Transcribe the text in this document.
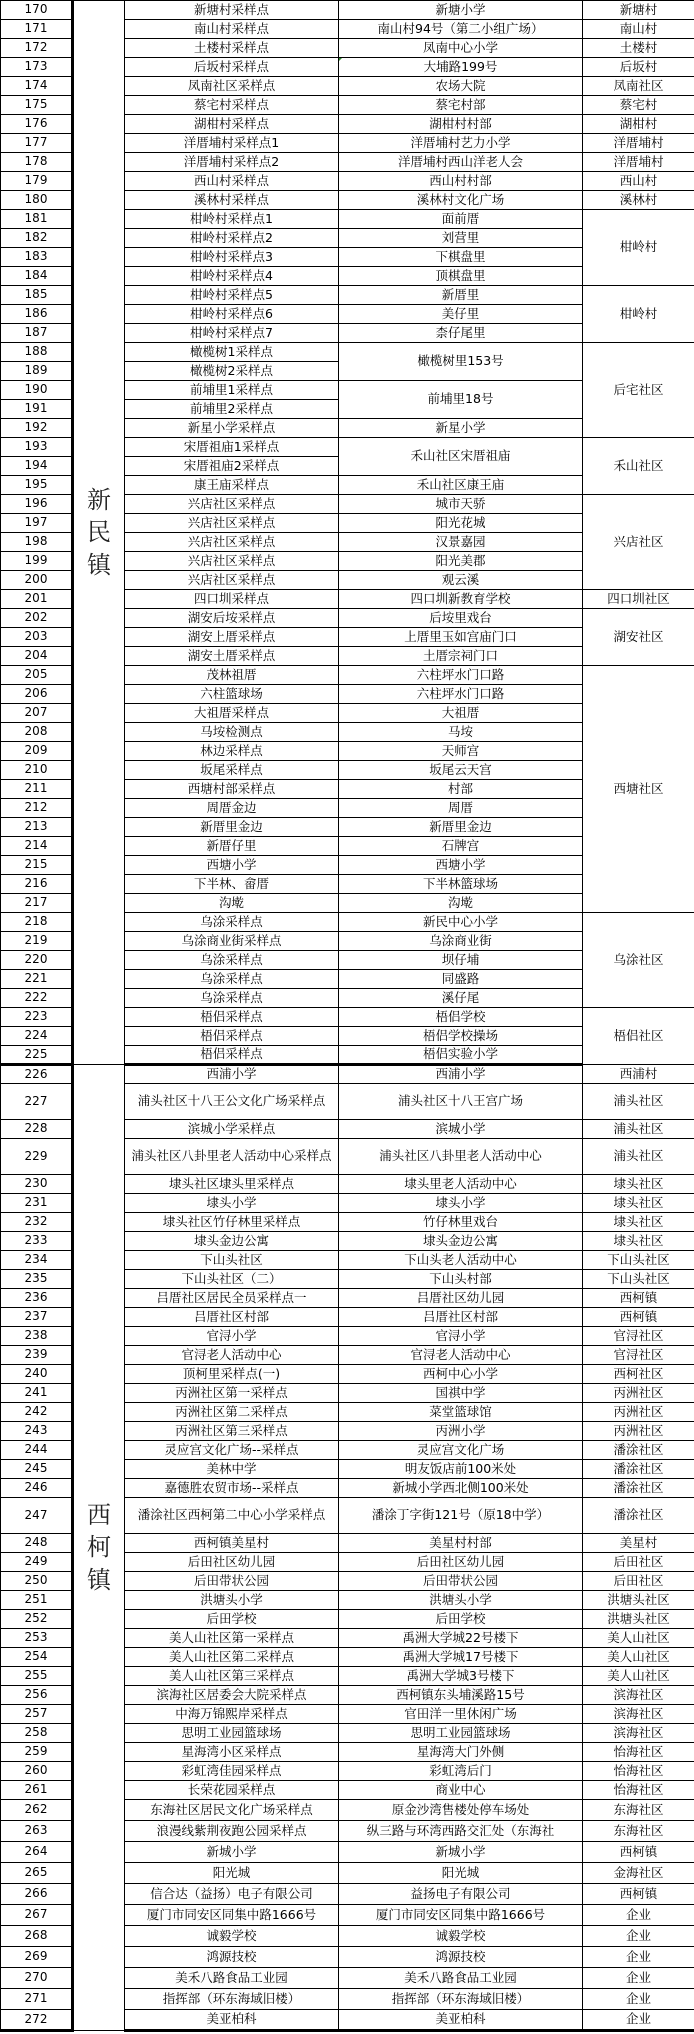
170	新民镇	新塘村采样点	新塘小学	新塘村
171		南山村采样点	南山村94号（第二小组广场）	南山村
172		土楼村采样点	凤南中心小学	土楼村
173		后坂村采样点	大埔路199号	后坂村
174		凤南社区采样点	农场大院	凤南社区
175		蔡宅村采样点	蔡宅村部	蔡宅村
176		湖柑村采样点	湖柑村村部	湖柑村
177		洋厝埔村采样点1	洋厝埔村艺力小学	洋厝埔村
178		洋厝埔村采样点2	洋厝埔村西山洋老人会	洋厝埔村
179		西山村采样点	西山村村部	西山村
180		溪林村采样点	溪林村文化广场	溪林村
181		柑岭村采样点1	面前厝	柑岭村
182		柑岭村采样点2	刘营里	
183		柑岭村采样点3	下棋盘里	
184		柑岭村采样点4	顶棋盘里	
185		柑岭村采样点5	新厝里	柑岭村
186		柑岭村采样点6	美仔里	
187		柑岭村采样点7	柰仔尾里	
188		橄榄树1采样点	橄榄树里153号	后宅社区
189		橄榄树2采样点		
190		前埔里1采样点	前埔里18号	
191		前埔里2采样点		
192		新星小学采样点	新星小学	
193		宋厝祖庙1采样点	禾山社区宋厝祖庙	禾山社区
194		宋厝祖庙2采样点		
195		康王庙采样点	禾山社区康王庙	
196		兴店社区采样点	城市天骄	兴店社区
197		兴店社区采样点	阳光花城	
198		兴店社区采样点	汉景嘉园	
199		兴店社区采样点	阳光美郡	
200		兴店社区采样点	观云溪	
201		四口圳采样点	四口圳新教育学校	四口圳社区
202		湖安后垵采样点	后垵里戏台	湖安社区
203		湖安上厝采样点	上厝里玉如宫庙门口	
204		湖安土厝采样点	土厝宗祠门口	
205		茂林祖厝	六柱坪水门口路	西塘社区
206		六柱篮球场	六柱坪水门口路	
207		大祖厝采样点	大祖厝	
208		马垵检测点	马垵	
209		林边采样点	天师宫	
210		坂尾采样点	坂尾云天宫	
211		西塘村部采样点	村部	
212		周厝金边	周厝	
213		新厝里金边	新厝里金边	
214		新厝仔里	石牌宫	
215		西塘小学	西塘小学	
216		下半林、畲厝	下半林篮球场	
217		沟墘	沟墘	
218		乌涂采样点	新民中心小学	乌涂社区
219		乌涂商业街采样点	乌涂商业街	
220		乌涂采样点	坝仔埔	
221		乌涂采样点	同盛路	
222		乌涂采样点	溪仔尾	
223		梧侣采样点	梧侣学校	梧侣社区
224		梧侣采样点	梧侣学校操场	
225		梧侣采样点	梧侣实验小学	
226	西柯镇	西浦小学	西浦小学	西浦村
227		浦头社区十八王公文化广场采样点	浦头社区十八王宫广场	浦头社区
228		滨城小学采样点	滨城小学	浦头社区
229		浦头社区八卦里老人活动中心采样点	浦头社区八卦里老人活动中心	浦头社区
230		埭头社区埭头里采样点	埭头里老人活动中心	埭头社区
231		埭头小学	埭头小学	埭头社区
232		埭头社区竹仔林里采样点	竹仔林里戏台	埭头社区
233		埭头金边公寓	埭头金边公寓	埭头社区
234		下山头社区	下山头老人活动中心	下山头社区
235		下山头社区（二）	下山头村部	下山头社区
236		吕厝社区居民全员采样点一	吕厝社区幼儿园	西柯镇
237		吕厝社区村部	吕厝社区村部	西柯镇
238		官浔小学	官浔小学	官浔社区
239		官浔老人活动中心	官浔老人活动中心	官浔社区
240		顶柯里采样点(一)	西柯中心小学	西柯社区
241		丙洲社区第一采样点	国祺中学	丙洲社区
242		丙洲社区第二采样点	菜堂篮球馆	丙洲社区
243		丙洲社区第三采样点	丙洲小学	丙洲社区
244		灵应宫文化广场--采样点	灵应宫文化广场	潘涂社区
245		美林中学	明友饭店前100米处	潘涂社区
246		嘉德胜农贸市场--采样点	新城小学西北侧100米处	潘涂社区
247		潘涂社区西柯第二中心小学采样点	潘涂丁字街121号（原18中学）	潘涂社区
248		西柯镇美星村	美星村村部	美星村
249		后田社区幼儿园	后田社区幼儿园	后田社区
250		后田带状公园	后田带状公园	后田社区
251		洪塘头小学	洪塘头小学	洪塘头社区
252		后田学校	后田学校	洪塘头社区
253		美人山社区第一采样点	禹洲大学城22号楼下	美人山社区
254		美人山社区第二采样点	禹洲大学城17号楼下	美人山社区
255		美人山社区第三采样点	禹洲大学城3号楼下	美人山社区
256		滨海社区居委会大院采样点	西柯镇东头埔溪路15号	滨海社区
257		中海万锦熙岸采样点	官田洋一里休闲广场	滨海社区
258		思明工业园篮球场	思明工业园篮球场	滨海社区
259		星海湾小区采样点	星海湾大门外侧	怡海社区
260		彩虹湾佳园采样点	彩虹湾后门	怡海社区
261		长荣花园采样点	商业中心	怡海社区
262		东海社区居民文化广场采样点	原金沙湾售楼处停车场处	东海社区
263		浪漫线紫荆夜跑公园采样点	纵三路与环湾西路交汇处（东海社	东海社区
264		新城小学	新城小学	西柯镇
265		阳光城	阳光城	金海社区
266		信合达（益扬）电子有限公司	益扬电子有限公司	西柯镇
267		厦门市同安区同集中路1666号	厦门市同安区同集中路1666号	企业
268		诚毅学校	诚毅学校	企业
269		鸿源技校	鸿源技校	企业
270		美禾八路食品工业园	美禾八路食品工业园	企业
271		指挥部（环东海域旧楼）	指挥部（环东海域旧楼）	企业
272		美亚柏科	美亚柏科	企业
